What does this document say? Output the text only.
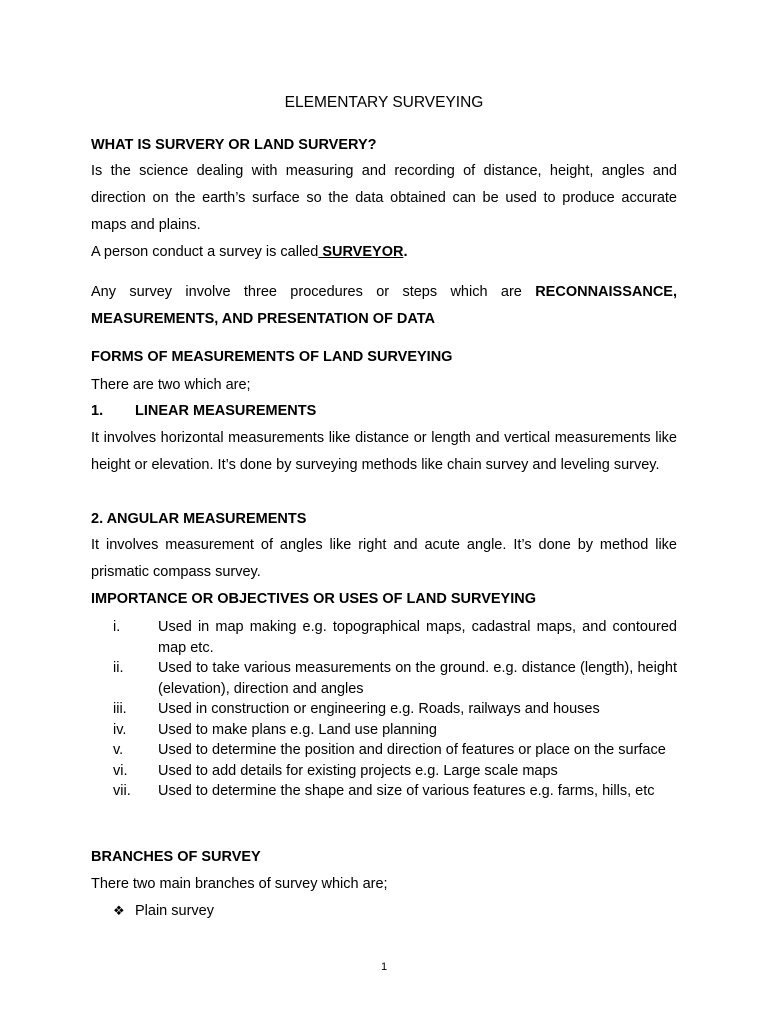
ELEMENTARY SURVEYING

WHAT IS SURVERY OR LAND SURVERY?

Is the science dealing with measuring and recording of distance, height, angles and direction on the earth’s surface so the data obtained can be used to produce accurate maps and plains.

A person conduct a survey is called SURVEYOR.

Any survey involve three procedures or steps which are RECONNAISSANCE, MEASUREMENTS, AND PRESENTATION OF DATA

FORMS OF MEASUREMENTS OF LAND SURVEYING

There are two which are;

1. LINEAR MEASUREMENTS

It involves horizontal measurements like distance or length and vertical measurements like height or elevation. It’s done by surveying methods like chain survey and leveling survey.

2. ANGULAR MEASUREMENTS

It involves measurement of angles like right and acute angle. It’s done by method like prismatic compass survey.

IMPORTANCE OR OBJECTIVES OR USES OF LAND SURVEYING

i.	Used in map making e.g. topographical maps, cadastral maps, and contoured map etc.
ii. Used to take various measurements on the ground. e.g. distance (length), height (elevation), direction and angles
iii. Used in construction or engineering e.g. Roads, railways and houses
iv. Used to make plans e.g. Land use planning
v. Used to determine the position and direction of features or place on the surface
vi. Used to add details for existing projects e.g. Large scale maps
vii. Used to determine the shape and size of various features e.g. farms, hills, etc

BRANCHES OF SURVEY

There two main branches of survey which are;

❖ Plain survey
1
